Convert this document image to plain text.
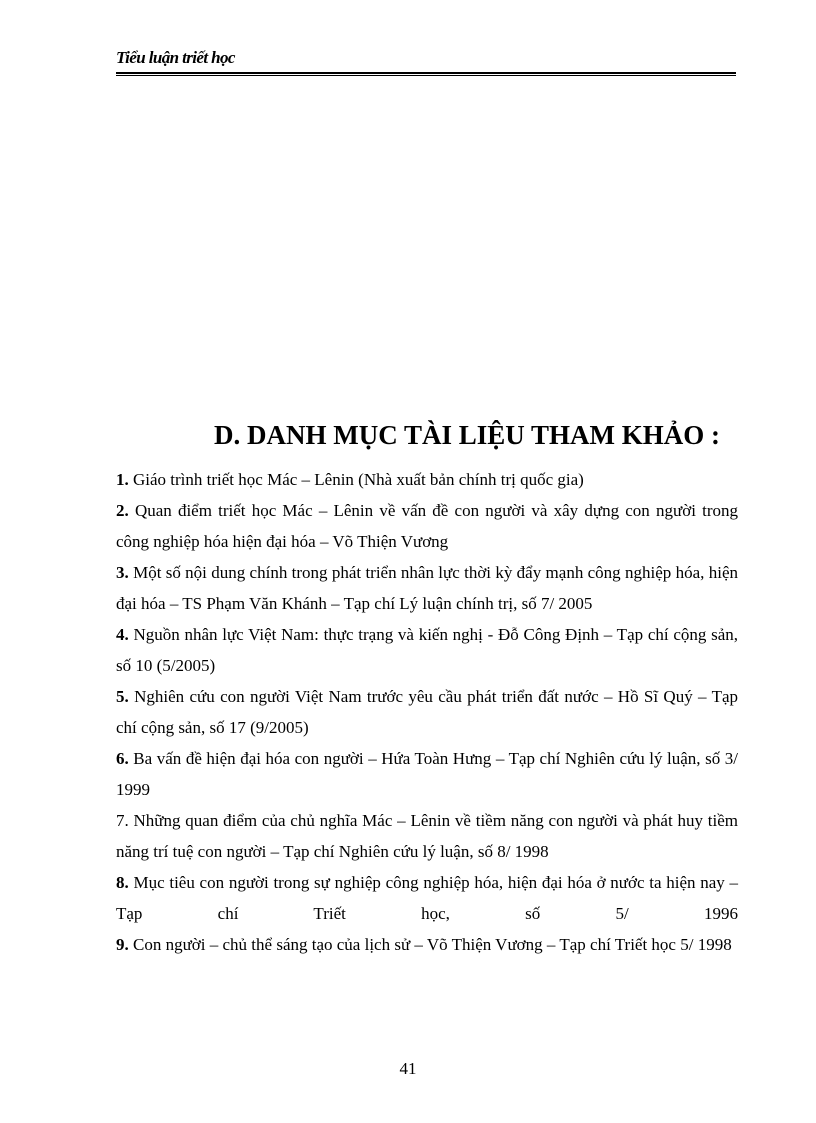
Tiểu luận triết học
D. DANH MỤC TÀI LIỆU THAM KHẢO :

1. Giáo trình triết học Mác – Lênin (Nhà xuất bản chính trị quốc gia)

2. Quan điểm triết học Mác – Lênin về vấn đề con người và xây dựng con người trong công nghiệp hóa hiện đại hóa – Võ Thiện Vương

3. Một số nội dung chính trong phát triển nhân lực thời kỳ đẩy mạnh công nghiệp hóa, hiện đại hóa – TS Phạm Văn Khánh – Tạp chí Lý luận chính trị, số 7/ 2005

4. Nguồn nhân lực Việt Nam: thực trạng và kiến nghị - Đỗ Công Định – Tạp chí cộng sản, số 10 (5/2005)

5. Nghiên cứu con người Việt Nam trước yêu cầu phát triển đất nước – Hồ Sĩ Quý – Tạp chí cộng sản, số 17 (9/2005)

6. Ba vấn đề hiện đại hóa con người – Hứa Toàn Hưng – Tạp chí Nghiên cứu lý luận, số 3/ 1999

7. Những quan điểm của chủ nghĩa Mác – Lênin về tiềm năng con người và phát huy tiềm năng trí tuệ con người – Tạp chí Nghiên cứu lý luận, số 8/ 1998

8. Mục tiêu con người trong sự nghiệp công nghiệp hóa, hiện đại hóa ở nước ta hiện nay – Tạp chí Triết học, số 5/ 1996

9. Con người – chủ thể sáng tạo của lịch sử – Võ Thiện Vương – Tạp chí Triết học 5/ 1998

41
